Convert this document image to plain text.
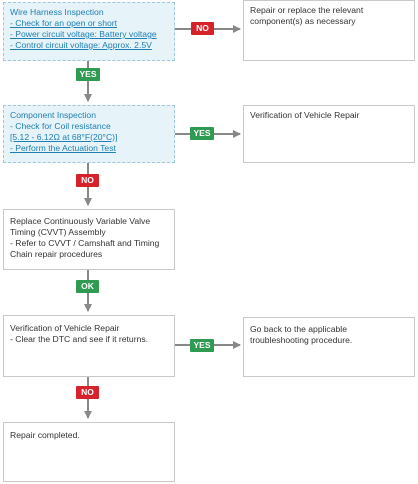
Wire Harness Inspection
- Check for an open or short
- Power circuit voltage: Battery voltage
- Control circuit voltage: Approx. 2.5V
Repair or replace the relevant
component(s) as necessary
Component Inspection
- Check for Coil resistance
[5.12 - 6.12Ω at 68°F(20°C)]
- Perform the Actuation Test
Verification of Vehicle Repair
Replace Continuously Variable Valve
Timing (CVVT) Assembly
- Refer to CVVT / Camshaft and Timing
Chain repair procedures
Verification of Vehicle Repair
- Clear the DTC and see if it returns.
Go back to the applicable
troubleshooting procedure.
Repair completed.
NO
YES
YES
NO
OK
YES
NO
